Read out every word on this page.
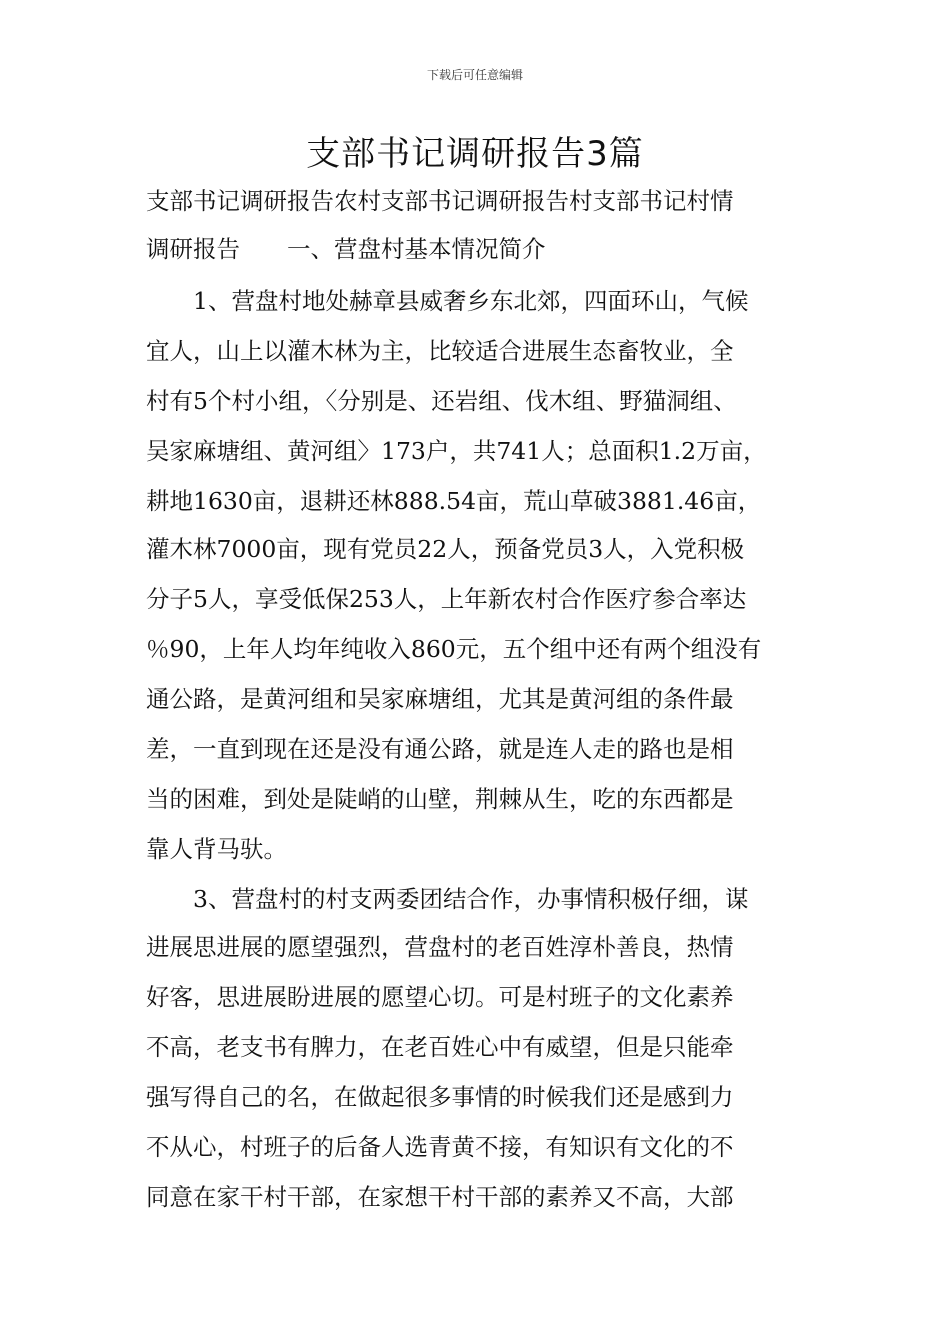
下载后可任意编辑
支部书记调研报告3篇
支部书记调研报告农村支部书记调研报告村支部书记村情
调研报告　　一、营盘村基本情况简介
　　1、营盘村地处赫章县威奢乡东北郊，四面环山，气候
宜人，山上以灌木林为主，比较适合进展生态畜牧业，全
村有5个村小组，〈分别是、还岩组、伐木组、野猫洞组、
吴家麻塘组、黄河组〉173户，共741人；总面积1.2万亩，
耕地1630亩，退耕还林888.54亩，荒山草破3881.46亩，
灌木林7000亩，现有党员22人，预备党员3人，入党积极
分子5人，享受低保253人，上年新农村合作医疗参合率达
％90，上年人均年纯收入860元，五个组中还有两个组没有
通公路，是黄河组和吴家麻塘组，尤其是黄河组的条件最
差，一直到现在还是没有通公路，就是连人走的路也是相
当的困难，到处是陡峭的山壁，荆棘从生，吃的东西都是
靠人背马驮。
　　3、营盘村的村支两委团结合作，办事情积极仔细，谋
进展思进展的愿望强烈，营盘村的老百姓淳朴善良，热情
好客，思进展盼进展的愿望心切。可是村班子的文化素养
不高，老支书有脾力，在老百姓心中有威望，但是只能牵
强写得自己的名，在做起很多事情的时候我们还是感到力
不从心，村班子的后备人选青黄不接，有知识有文化的不
同意在家干村干部，在家想干村干部的素养又不高，大部
